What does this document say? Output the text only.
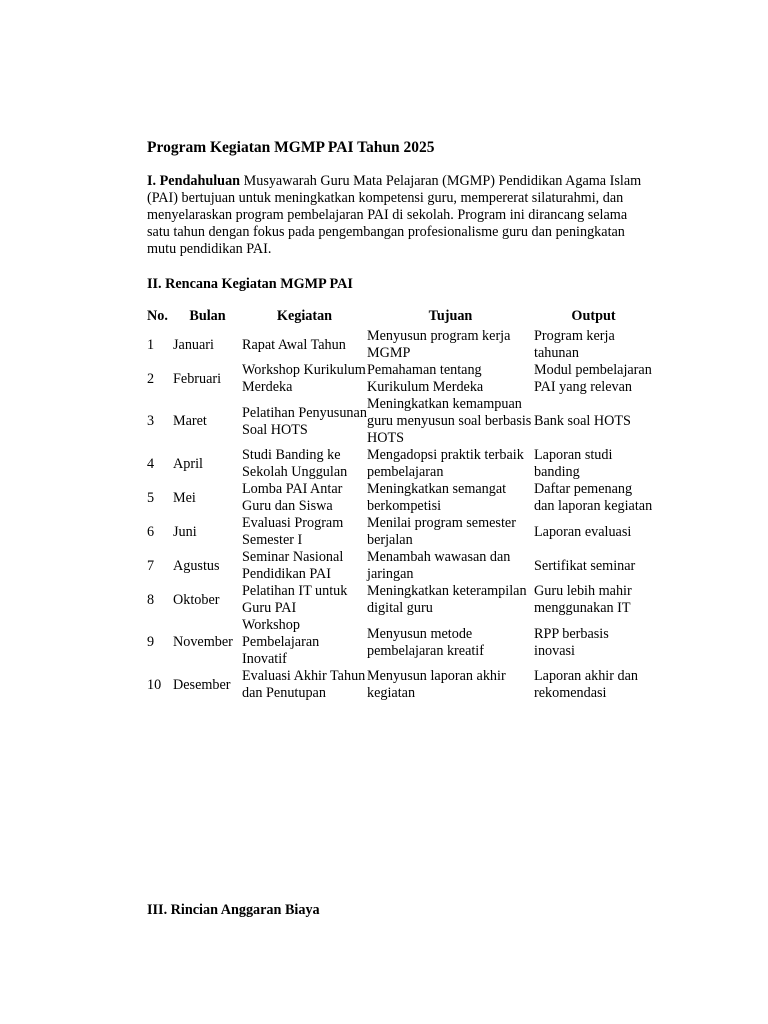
Program Kegiatan MGMP PAI Tahun 2025

I. Pendahuluan Musyawarah Guru Mata Pelajaran (MGMP) Pendidikan Agama Islam (PAI) bertujuan untuk meningkatkan kompetensi guru, mempererat silaturahmi, dan menyelaraskan program pembelajaran PAI di sekolah. Program ini dirancang selama satu tahun dengan fokus pada pengembangan profesionalisme guru dan peningkatan mutu pendidikan PAI.

II. Rencana Kegiatan MGMP PAI
No.	Bulan	Kegiatan	Tujuan	Output
1	Januari	Rapat Awal Tahun	Menyusun program kerja MGMP	Program kerja tahunan
2	Februari	Workshop Kurikulum Merdeka	Pemahaman tentang Kurikulum Merdeka	Modul pembelajaran PAI yang relevan
3	Maret	Pelatihan Penyusunan Soal HOTS	Meningkatkan kemampuan guru menyusun soal berbasis HOTS	Bank soal HOTS
4	April	Studi Banding ke Sekolah Unggulan	Mengadopsi praktik terbaik pembelajaran	Laporan studi banding
5	Mei	Lomba PAI Antar Guru dan Siswa	Meningkatkan semangat berkompetisi	Daftar pemenang dan laporan kegiatan
6	Juni	Evaluasi Program Semester I	Menilai program semester berjalan	Laporan evaluasi
7	Agustus	Seminar Nasional Pendidikan PAI	Menambah wawasan dan jaringan	Sertifikat seminar
8	Oktober	Pelatihan IT untuk Guru PAI	Meningkatkan keterampilan digital guru	Guru lebih mahir menggunakan IT
9	November	Workshop Pembelajaran Inovatif	Menyusun metode pembelajaran kreatif	RPP berbasis inovasi
10	Desember	Evaluasi Akhir Tahun dan Penutupan	Menyusun laporan akhir kegiatan	Laporan akhir dan rekomendasi
III. Rincian Anggaran Biaya
